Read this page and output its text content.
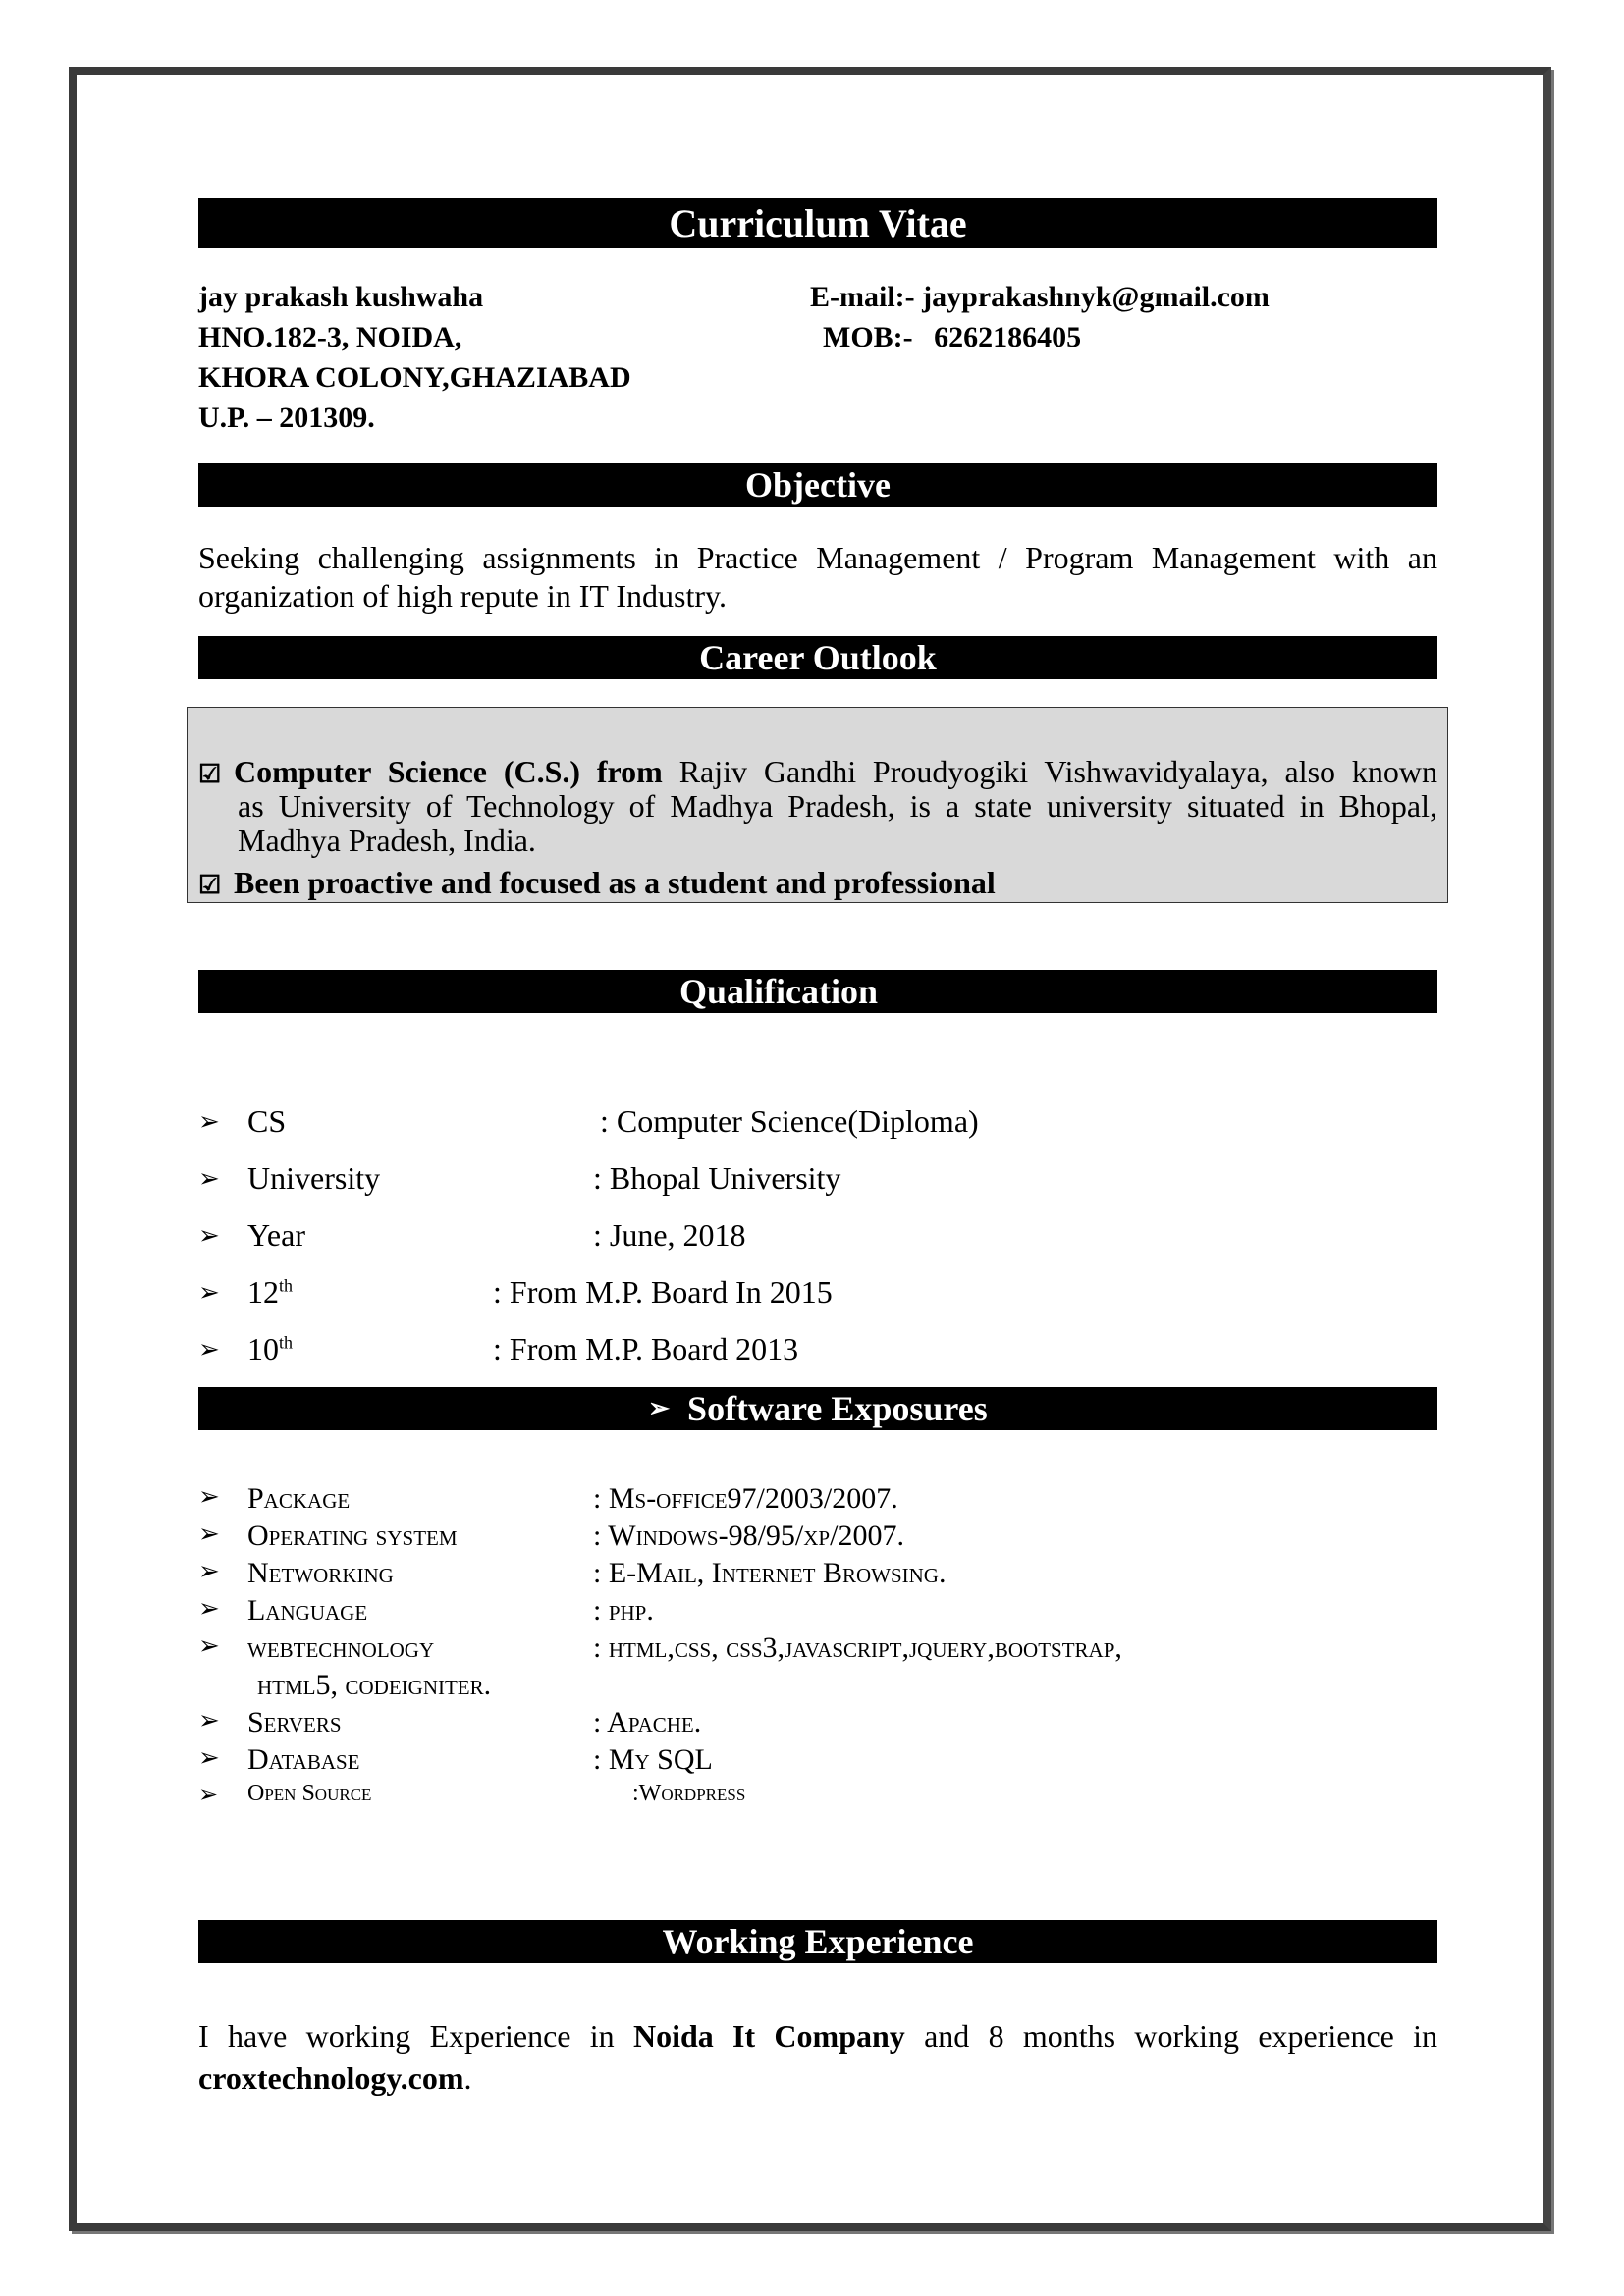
Curriculum Vitae
jay prakash kushwaha
HNO.182-3, NOIDA,
KHORA COLONY,GHAZIABAD
U.P. – 201309.
E-mail:- jayprakashnyk@gmail.com
MOB:- 6262186405
Objective
Seeking challenging assignments in Practice Management / Program Management with an
organization of high repute in IT Industry.
Career Outlook
☑ Computer Science (C.S.) from Rajiv Gandhi Proudyogiki Vishwavidyalaya, also known
as University of Technology of Madhya Pradesh, is a state university situated in Bhopal,
Madhya Pradesh, India.
☑ Been proactive and focused as a student and professional
Qualification
➢ CS	: Computer Science(Diploma)
➢ University	: Bhopal University
➢ Year	: June, 2018
➢ 12th	: From M.P. Board In 2015
➢ 10th	: From M.P. Board 2013
➢ Software Exposures
➢ Package	: Ms-office97/2003/2007.
➢ Operating system	: Windows-98/95/xp/2007.
➢ Networking	: E-Mail, Internet Browsing.
➢ Language	: php.
➢ webtechnology	: html,css, css3,javascript,jquery,bootstrap,
html5, codeigniter.
➢ Servers	: Apache.
➢ Database	: My SQL
➢ Open Source	:Wordpress
Working Experience
I have working Experience in Noida It Company and 8 months working experience in
croxtechnology.com.
